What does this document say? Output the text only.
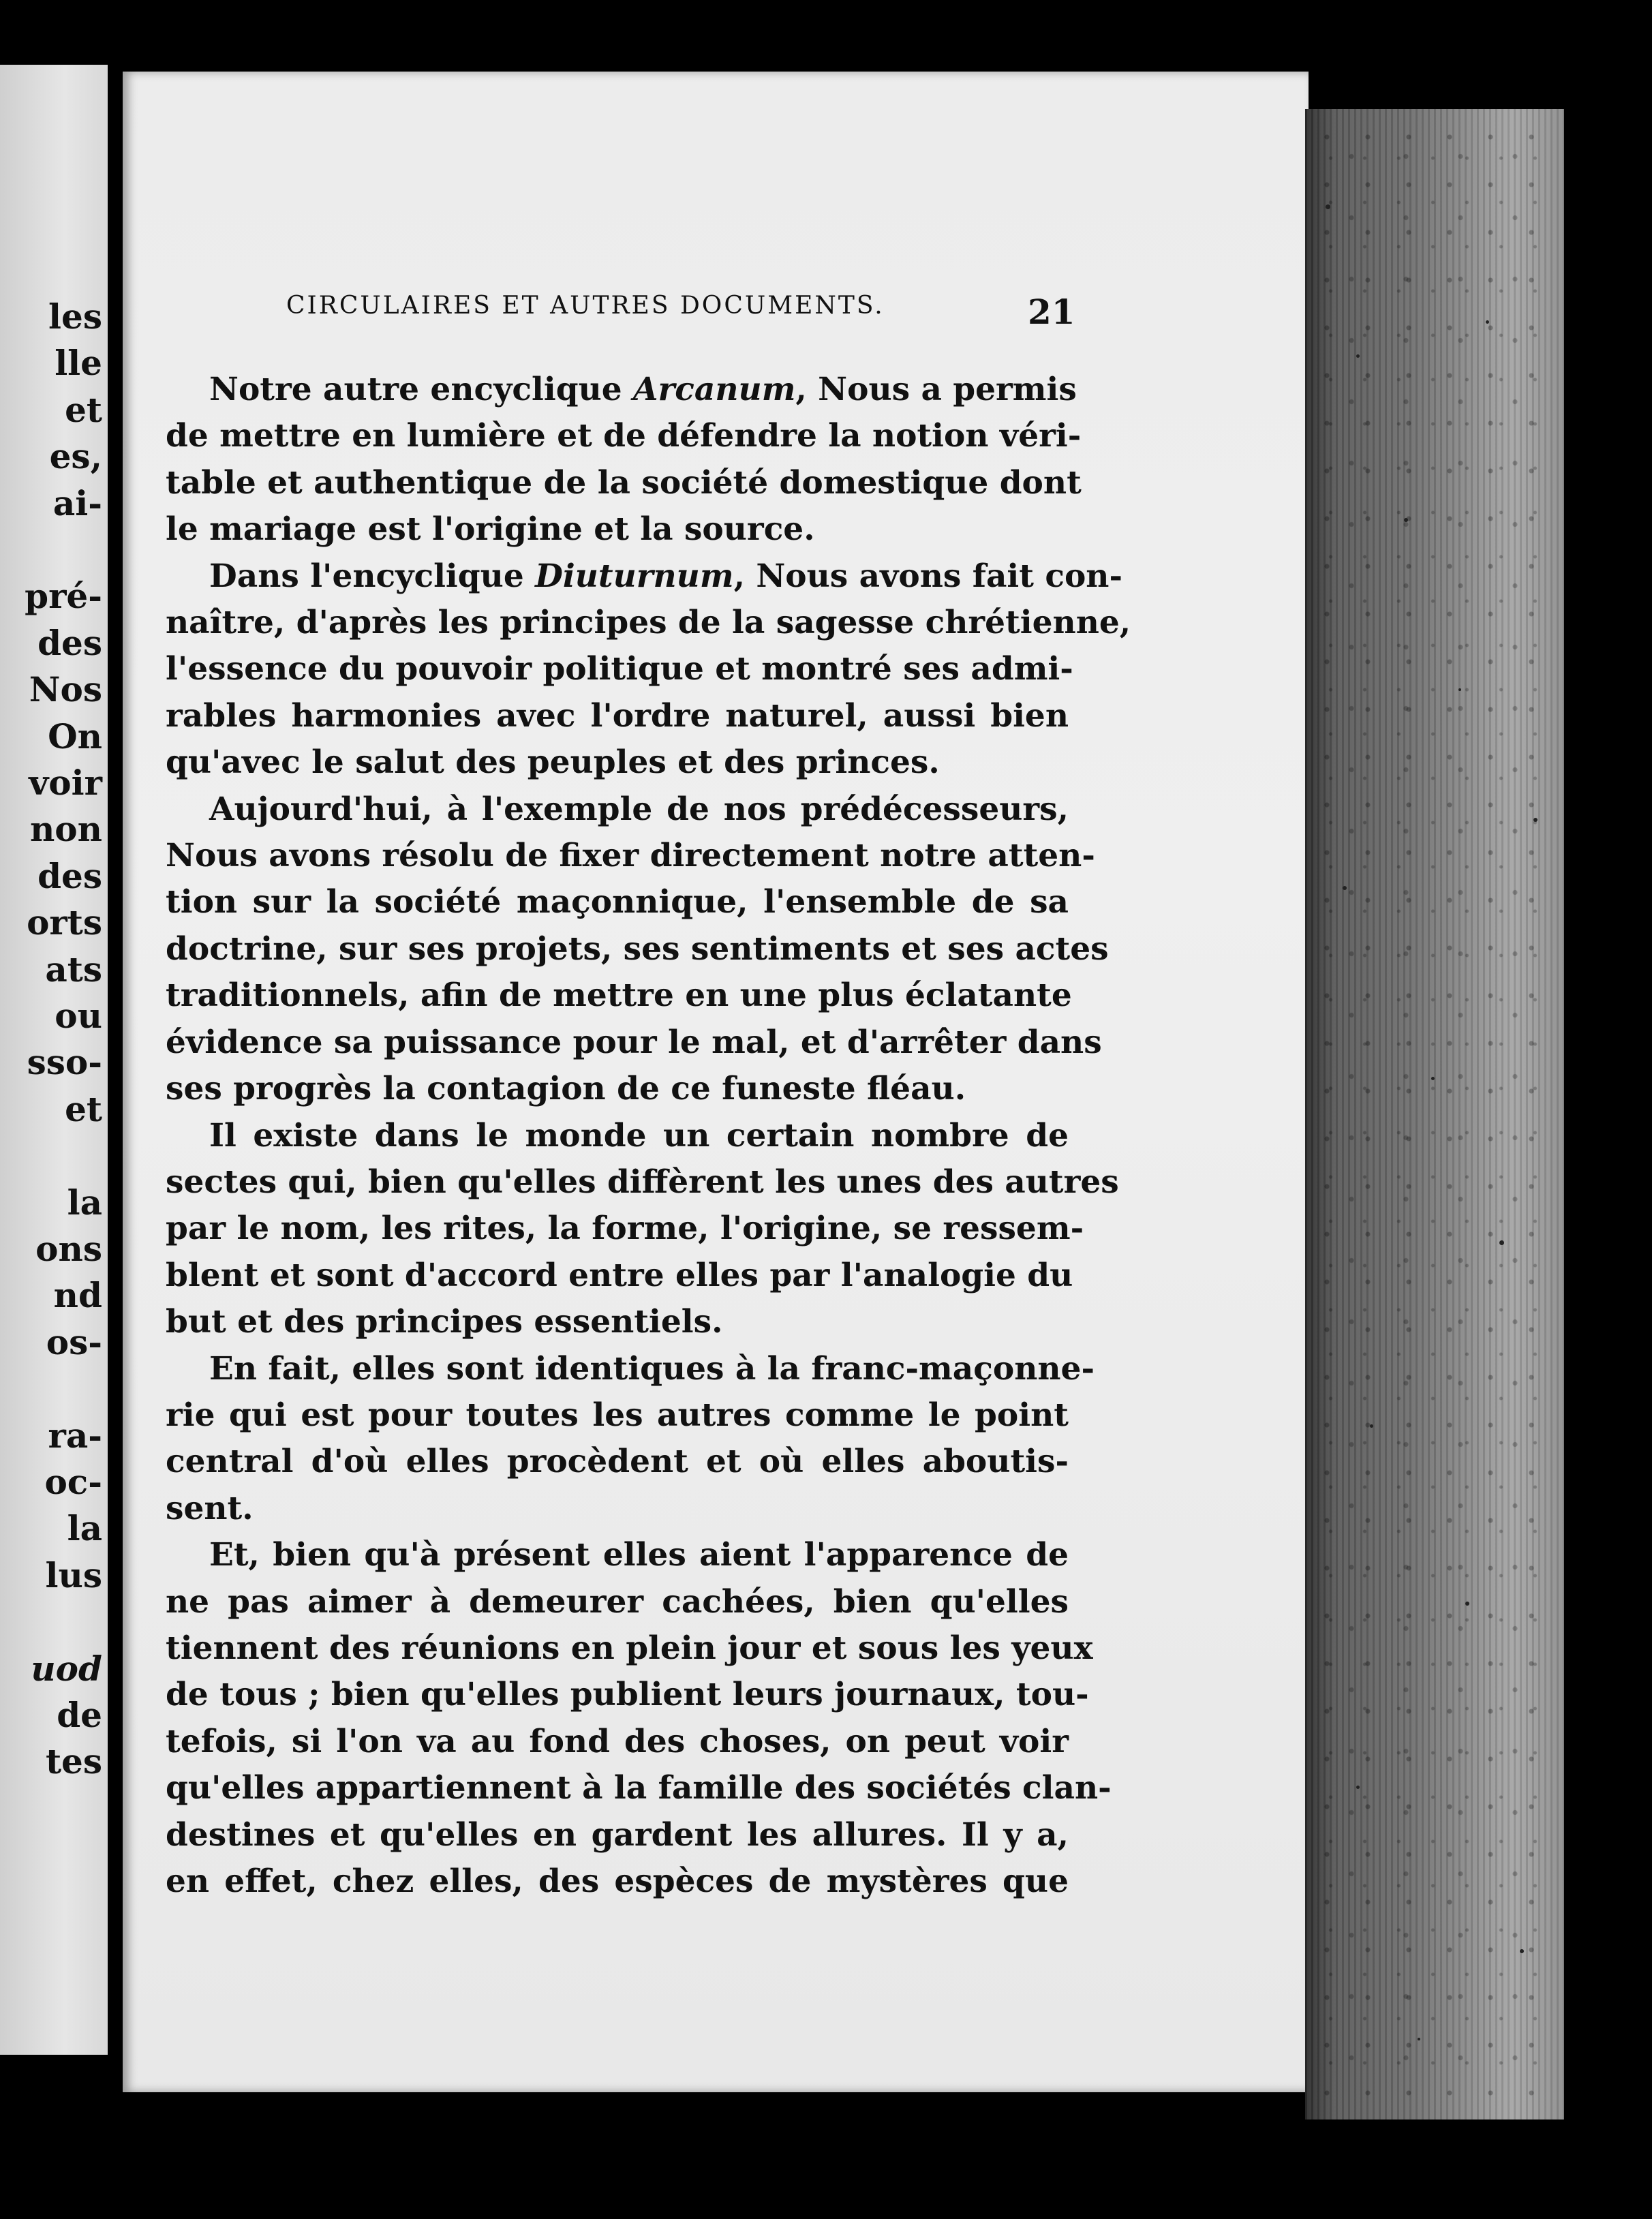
les
lle
et
es,
ai-
pré-
des
Nos
On
voir
non
des
orts
ats
ou
sso-
et
la
ons
nd
os-
ra-
oc-
la
lus
uod
de
tes
CIRCULAIRES ET AUTRES DOCUMENTS.	21

Notre autre encyclique Arcanum, Nous a permis
de mettre en lumière et de défendre la notion véri-
table et authentique de la société domestique dont
le mariage est l'origine et la source.

Dans l'encyclique Diuturnum, Nous avons fait con-
naître, d'après les principes de la sagesse chrétienne,
l'essence du pouvoir politique et montré ses admi-
rables harmonies avec l'ordre naturel, aussi bien
qu'avec le salut des peuples et des princes.

Aujourd'hui, à l'exemple de nos prédécesseurs,
Nous avons résolu de fixer directement notre atten-
tion sur la société maçonnique, l'ensemble de sa
doctrine, sur ses projets, ses sentiments et ses actes
traditionnels, afin de mettre en une plus éclatante
évidence sa puissance pour le mal, et d'arrêter dans
ses progrès la contagion de ce funeste fléau.

Il existe dans le monde un certain nombre de
sectes qui, bien qu'elles diffèrent les unes des autres
par le nom, les rites, la forme, l'origine, se ressem-
blent et sont d'accord entre elles par l'analogie du
but et des principes essentiels.

En fait, elles sont identiques à la franc-maçonne-
rie qui est pour toutes les autres comme le point
central d'où elles procèdent et où elles aboutis-
sent.

Et, bien qu'à présent elles aient l'apparence de
ne pas aimer à demeurer cachées, bien qu'elles
tiennent des réunions en plein jour et sous les yeux
de tous ; bien qu'elles publient leurs journaux, tou-
tefois, si l'on va au fond des choses, on peut voir
qu'elles appartiennent à la famille des sociétés clan-
destines et qu'elles en gardent les allures. Il y a,
en effet, chez elles, des espèces de mystères que
